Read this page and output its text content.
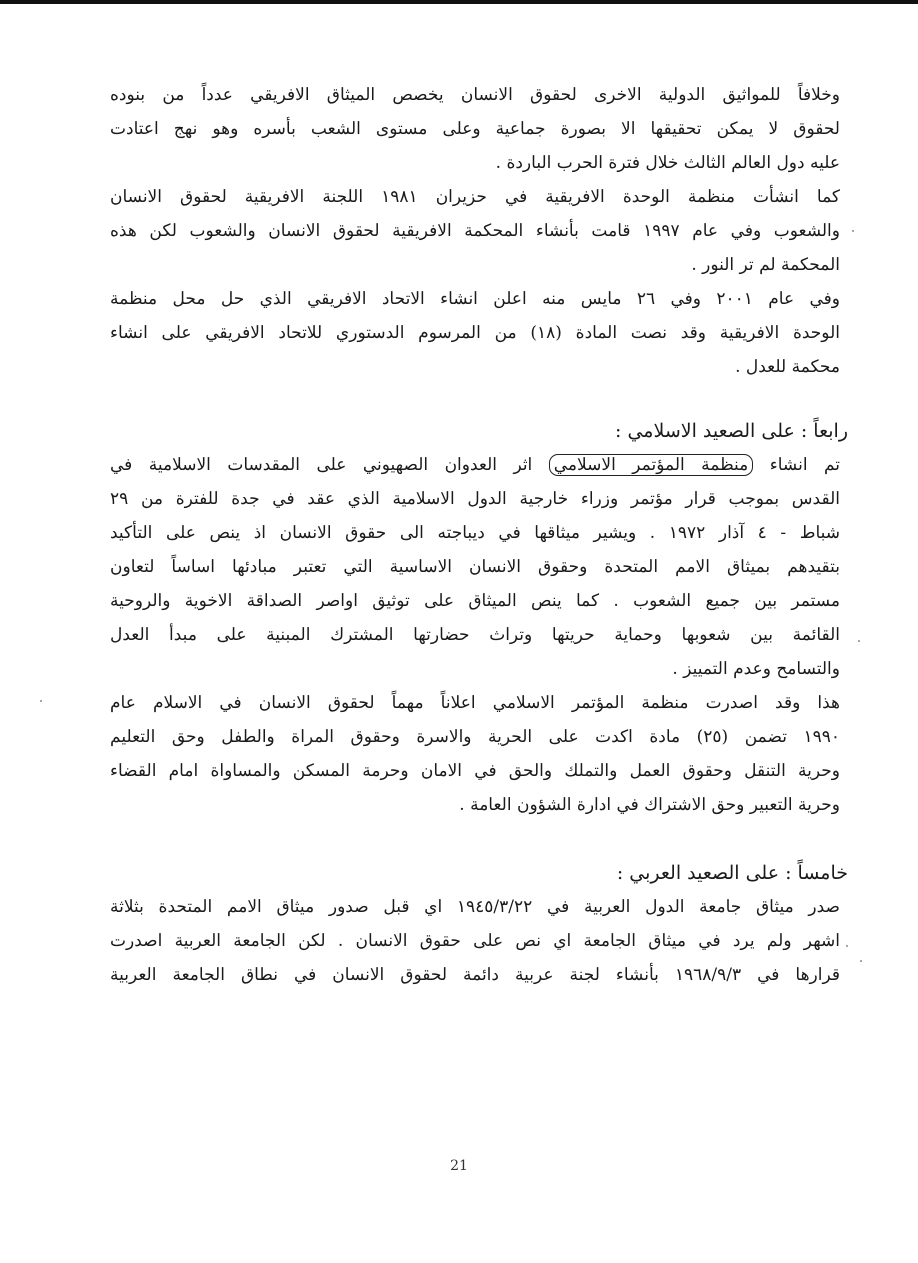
وخلافاً للمواثيق الدولية الاخرى لحقوق الانسان يخصص الميثاق الافريقي عدداً من بنوده
لحقوق لا يمكن تحقيقها الا بصورة جماعية وعلى مستوى الشعب بأسره وهو نهج اعتادت
عليه دول العالم الثالث خلال فترة الحرب الباردة .
كما انشأت منظمة الوحدة الافريقية في حزيران ١٩٨١ اللجنة الافريقية لحقوق الانسان
والشعوب وفي عام ١٩٩٧ قامت بأنشاء المحكمة الافريقية لحقوق الانسان والشعوب لكن هذه
المحكمة لم تر النور .
وفي عام ٢٠٠١ وفي ٢٦ مايس منه اعلن انشاء الاتحاد الافريقي الذي حل محل منظمة
الوحدة الافريقية وقد نصت المادة (١٨) من المرسوم الدستوري للاتحاد الافريقي على انشاء
محكمة للعدل .
رابعاً : على الصعيد الاسلامي :
تم انشاء منظمة المؤتمر الاسلامي اثر العدوان الصهيوني على المقدسات الاسلامية في
القدس بموجب قرار مؤتمر وزراء خارجية الدول الاسلامية الذي عقد في جدة للفترة من ٢٩
شباط - ٤ آذار ١٩٧٢ . ويشير ميثاقها في ديباجته الى حقوق الانسان اذ ينص على التأكيد
بتقيدهم بميثاق الامم المتحدة وحقوق الانسان الاساسية التي تعتبر مبادئها اساساً لتعاون
مستمر بين جميع الشعوب . كما ينص الميثاق على توثيق اواصر الصداقة الاخوية والروحية
القائمة بين شعوبها وحماية حريتها وتراث حضارتها المشترك المبنية على مبدأ العدل
والتسامح وعدم التمييز .
هذا وقد اصدرت منظمة المؤتمر الاسلامي اعلاناً مهماً لحقوق الانسان في الاسلام عام
١٩٩٠ تضمن (٢٥) مادة اكدت على الحرية والاسرة وحقوق المراة والطفل وحق التعليم
وحرية التنقل وحقوق العمل والتملك والحق في الامان وحرمة المسكن والمساواة امام القضاء
وحرية التعبير وحق الاشتراك في ادارة الشؤون العامة .
خامساً : على الصعيد العربي :
صدر ميثاق جامعة الدول العربية في ١٩٤٥/٣/٢٢ اي قبل صدور ميثاق الامم المتحدة بثلاثة
اشهر ولم يرد في ميثاق الجامعة اي نص على حقوق الانسان . لكن الجامعة العربية اصدرت
قرارها في ١٩٦٨/٩/٣ بأنشاء لجنة عربية دائمة لحقوق الانسان في نطاق الجامعة العربية
21
